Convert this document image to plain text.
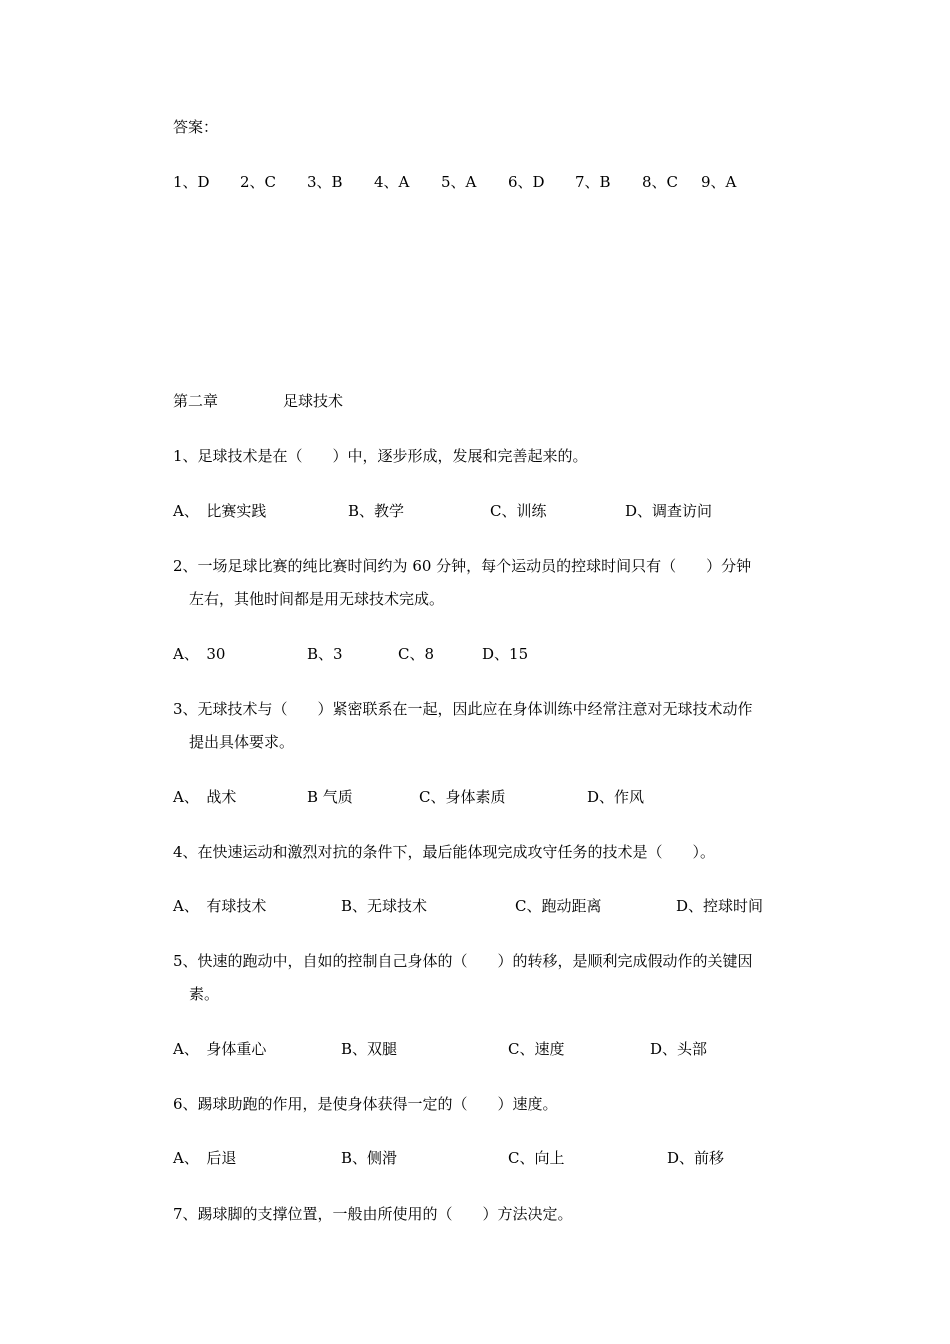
答案：
1、D 2、C 3、B 4、A 5、A 6、D 7、B 8、C 9、A
第二章	足球技术
1、足球技术是在（　　）中，逐步形成，发展和完善起来的。
A、　比赛实践	B、教学	C、训练	D、调查访问
2、一场足球比赛的纯比赛时间约为 60 分钟，每个运动员的控球时间只有（　　）分钟
左右，其他时间都是用无球技术完成。
A、　30	B、3	C、8	D、15
3、无球技术与（　　）紧密联系在一起，因此应在身体训练中经常注意对无球技术动作
提出具体要求。
A、　战术	B 气质	C、身体素质	D、作风
4、在快速运动和激烈对抗的条件下，最后能体现完成攻守任务的技术是（　　）。
A、　有球技术	B、无球技术	C、跑动距离	D、控球时间
5、快速的跑动中，自如的控制自己身体的（　　）的转移，是顺利完成假动作的关键因
素。
A、　身体重心	B、双腿	C、速度	D、头部
6、踢球助跑的作用，是使身体获得一定的（　　）速度。
A、　后退	B、侧滑	C、向上	D、前移
7、踢球脚的支撑位置，一般由所使用的（　　）方法决定。
